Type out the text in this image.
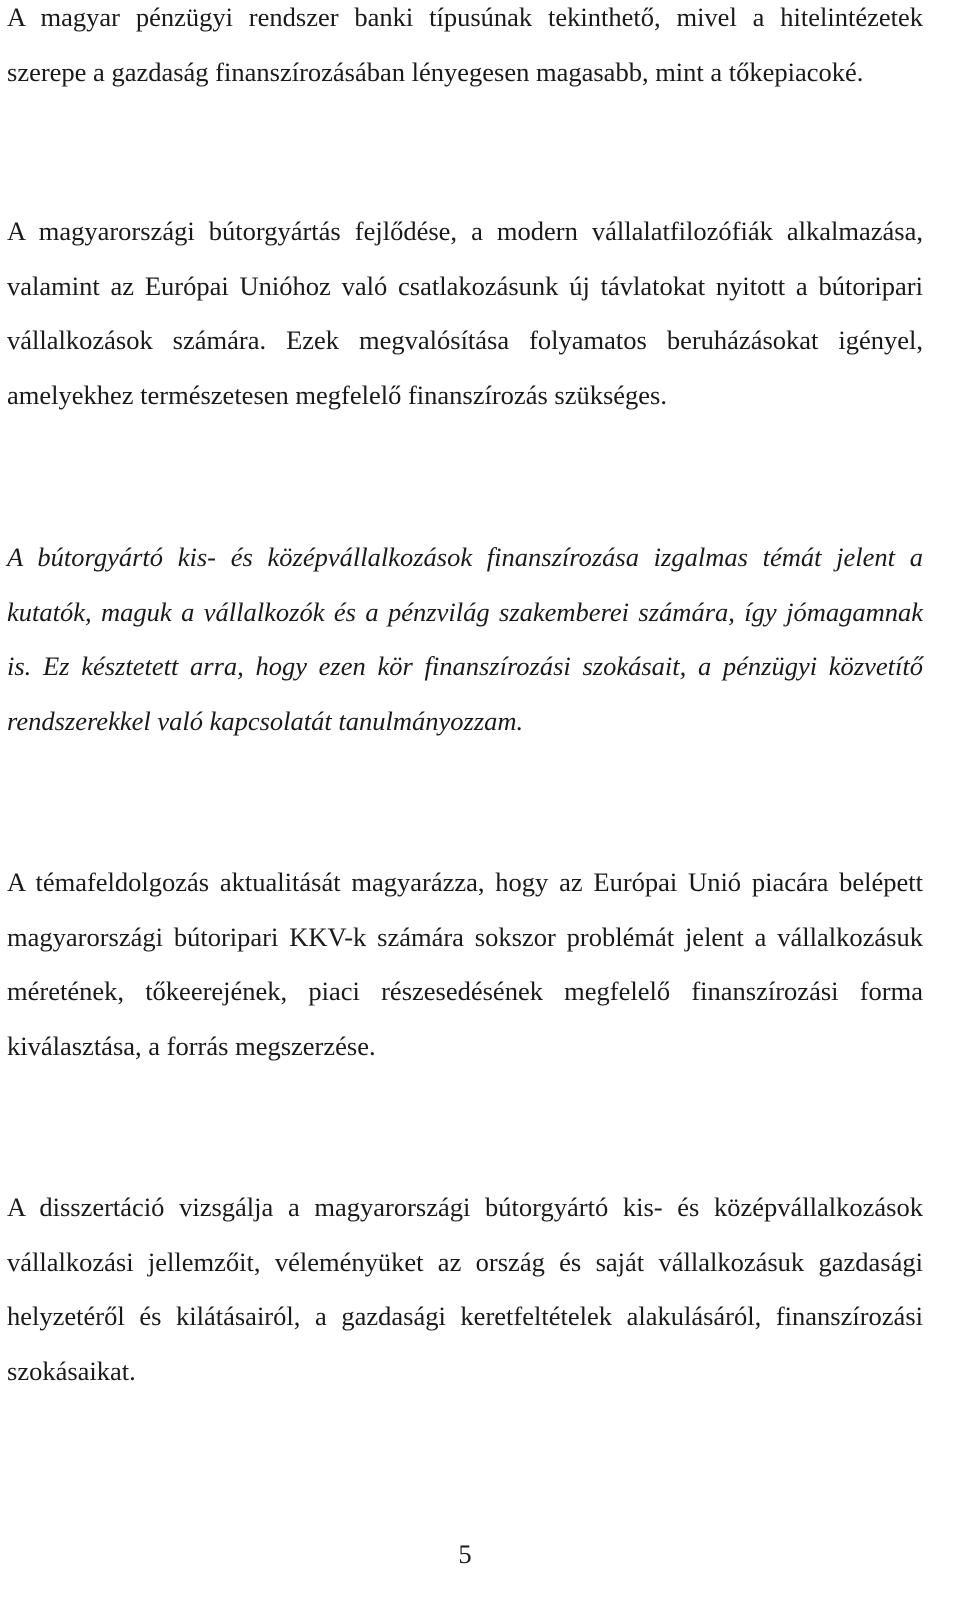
A magyar pénzügyi rendszer banki típusúnak tekinthető, mivel a hitelintézetek szerepe a gazdaság finanszírozásában lényegesen magasabb, mint a tőkepiacoké.

A magyarországi bútorgyártás fejlődése, a modern vállalatfilozófiák alkalmazása, valamint az Európai Unióhoz való csatlakozásunk új távlatokat nyitott a bútoripari vállalkozások számára. Ezek megvalósítása folyamatos beruházásokat igényel, amelyekhez természetesen megfelelő finanszírozás szükséges.

A bútorgyártó kis- és középvállalkozások finanszírozása izgalmas témát jelent a kutatók, maguk a vállalkozók és a pénzvilág szakemberei számára, így jómagamnak is. Ez késztetett arra, hogy ezen kör finanszírozási szokásait, a pénzügyi közvetítő rendszerekkel való kapcsolatát tanulmányozzam.

A témafeldolgozás aktualitását magyarázza, hogy az Európai Unió piacára belépett magyarországi bútoripari KKV-k számára sokszor problémát jelent a vállalkozásuk méretének, tőkeerejének, piaci részesedésének megfelelő finanszírozási forma kiválasztása, a forrás megszerzése.

A disszertáció vizsgálja a magyarországi bútorgyártó kis- és középvállalkozások vállalkozási jellemzőit, véleményüket az ország és saját vállalkozásuk gazdasági helyzetéről és kilátásairól, a gazdasági keretfeltételek alakulásáról, finanszírozási szokásaikat.

5
